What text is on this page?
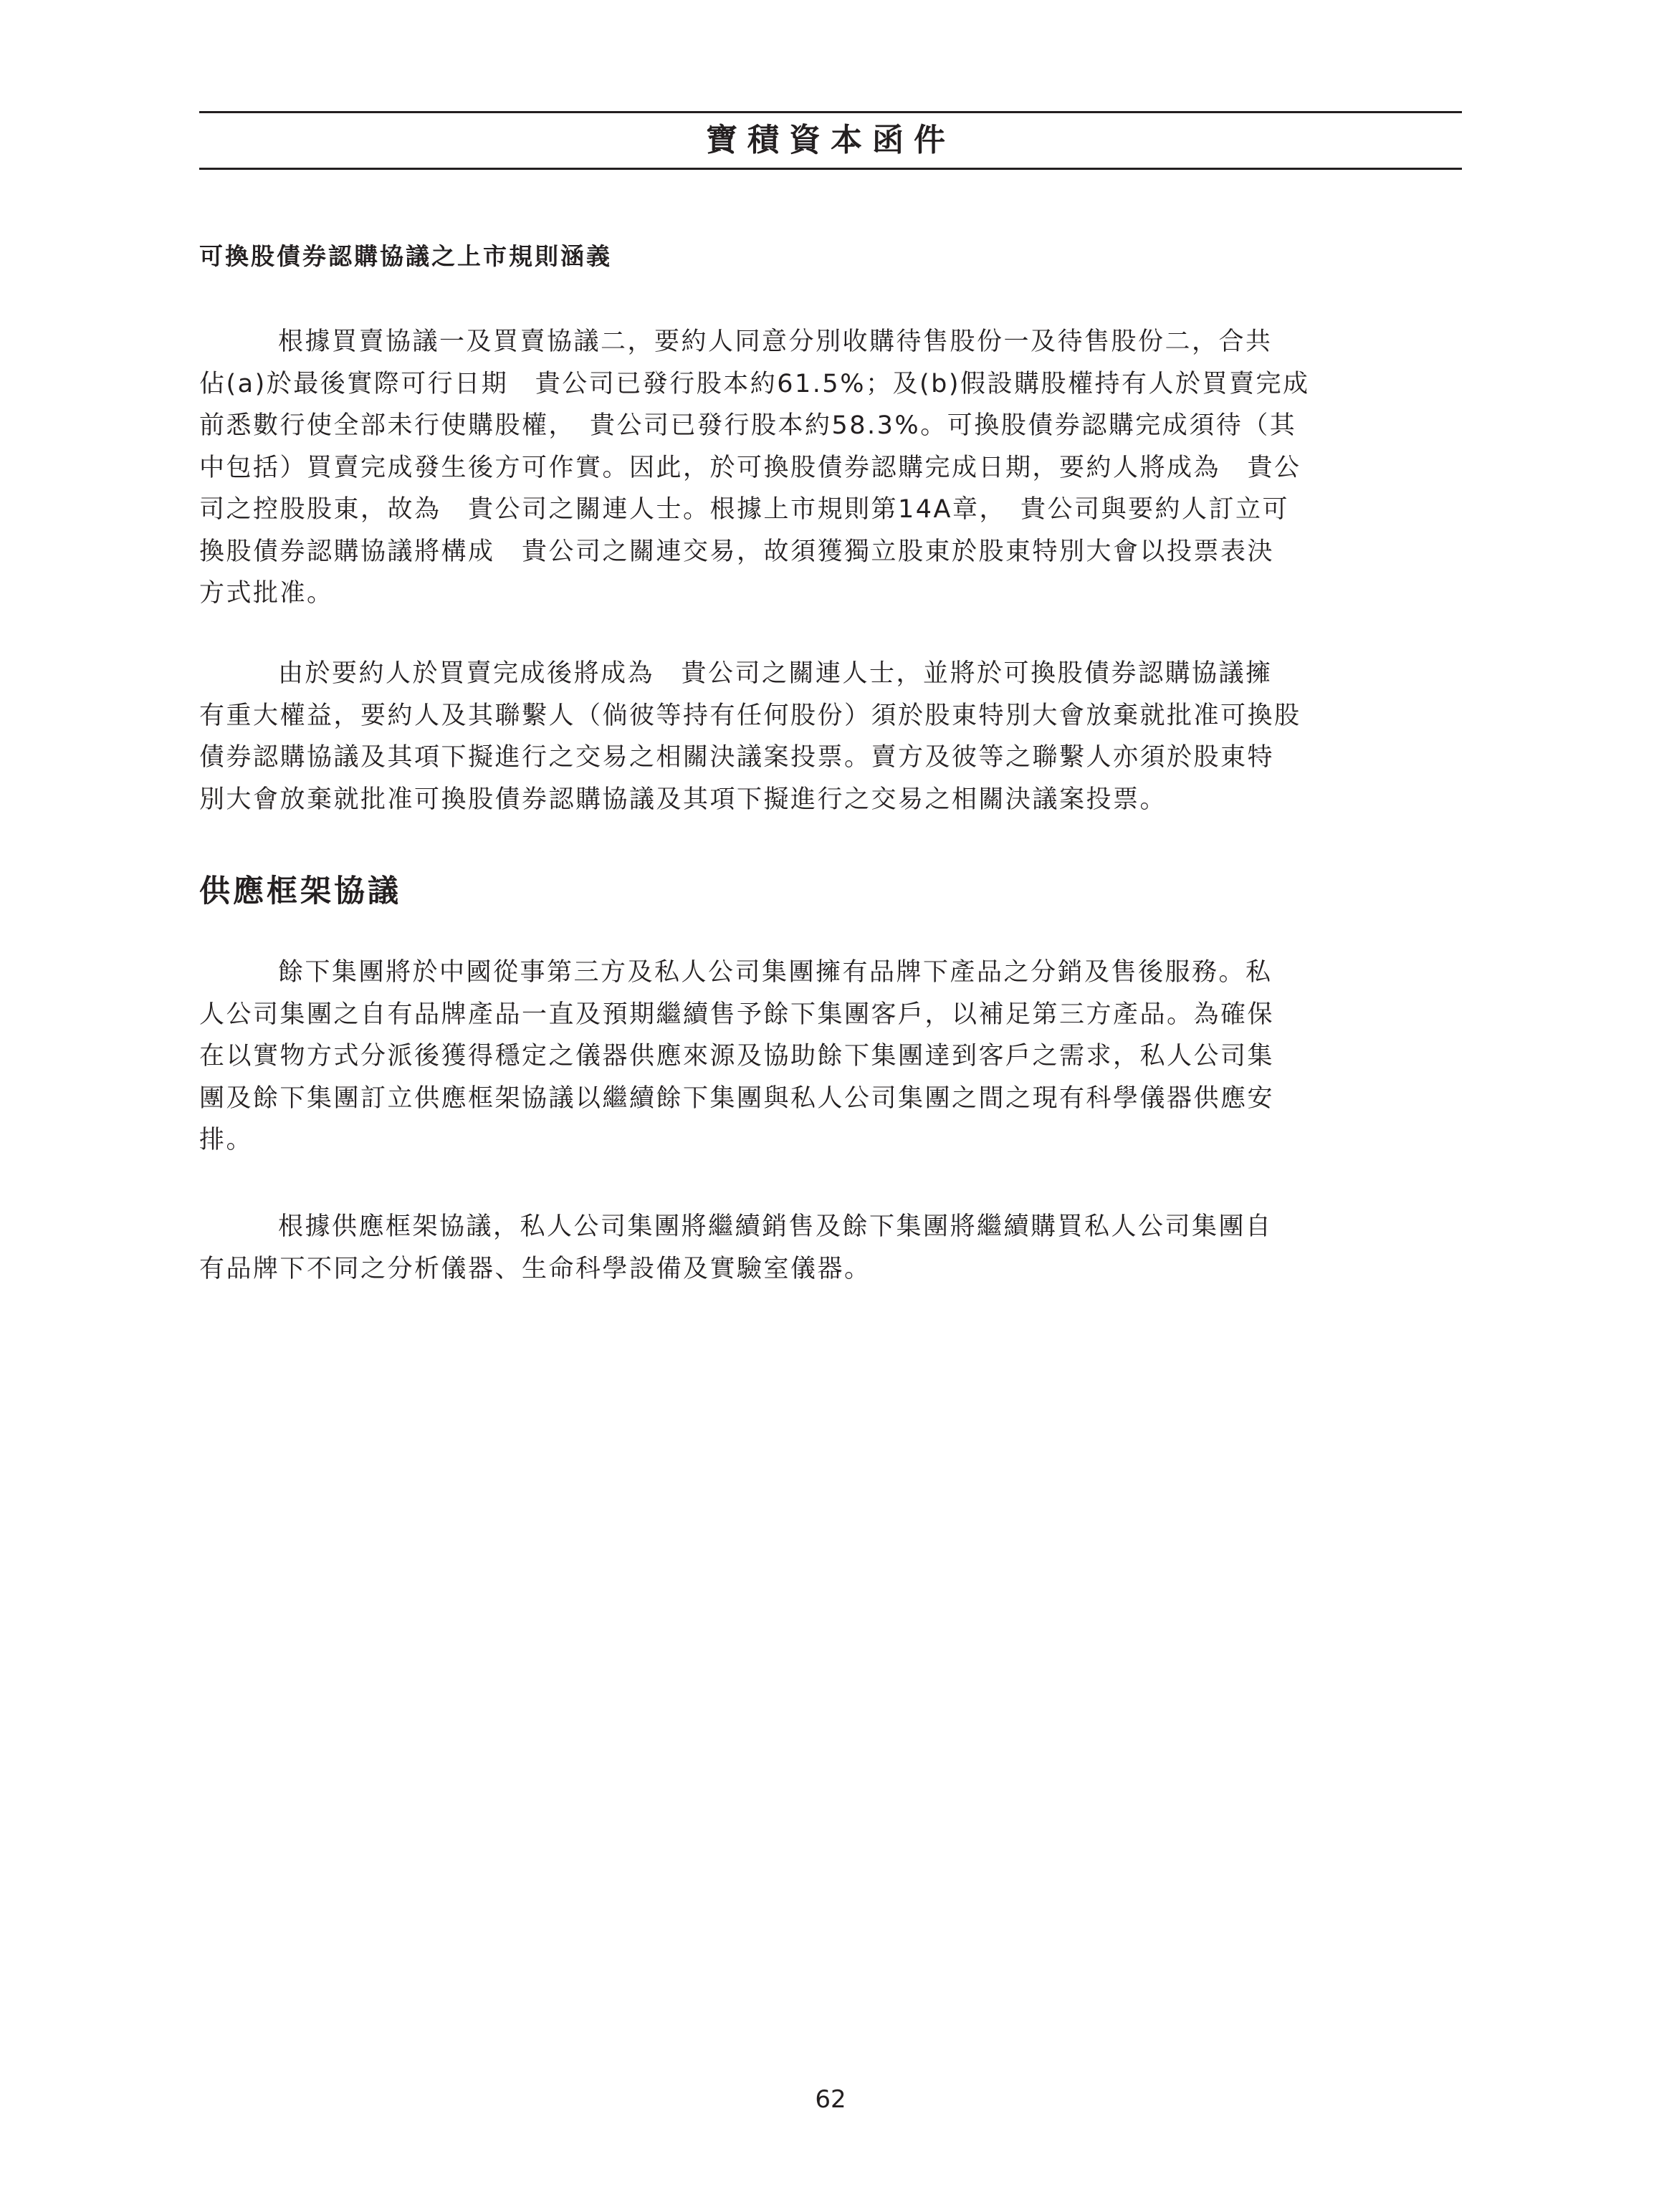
寶積資本函件
可換股債券認購協議之上市規則涵義

根據買賣協議一及買賣協議二，要約人同意分別收購待售股份一及待售股份二，合共
佔(a)於最後實際可行日期　貴公司已發行股本約61.5%；及(b)假設購股權持有人於買賣完成
前悉數行使全部未行使購股權，　貴公司已發行股本約58.3%。可換股債券認購完成須待（其
中包括）買賣完成發生後方可作實。因此，於可換股債券認購完成日期，要約人將成為　貴公
司之控股股東，故為　貴公司之關連人士。根據上市規則第14A章，　貴公司與要約人訂立可
換股債券認購協議將構成　貴公司之關連交易，故須獲獨立股東於股東特別大會以投票表決
方式批准。

由於要約人於買賣完成後將成為　貴公司之關連人士，並將於可換股債券認購協議擁
有重大權益，要約人及其聯繫人（倘彼等持有任何股份）須於股東特別大會放棄就批准可換股
債券認購協議及其項下擬進行之交易之相關決議案投票。賣方及彼等之聯繫人亦須於股東特
別大會放棄就批准可換股債券認購協議及其項下擬進行之交易之相關決議案投票。

供應框架協議

餘下集團將於中國從事第三方及私人公司集團擁有品牌下產品之分銷及售後服務。私
人公司集團之自有品牌產品一直及預期繼續售予餘下集團客戶，以補足第三方產品。為確保
在以實物方式分派後獲得穩定之儀器供應來源及協助餘下集團達到客戶之需求，私人公司集
團及餘下集團訂立供應框架協議以繼續餘下集團與私人公司集團之間之現有科學儀器供應安
排。

根據供應框架協議，私人公司集團將繼續銷售及餘下集團將繼續購買私人公司集團自
有品牌下不同之分析儀器、生命科學設備及實驗室儀器。

62
